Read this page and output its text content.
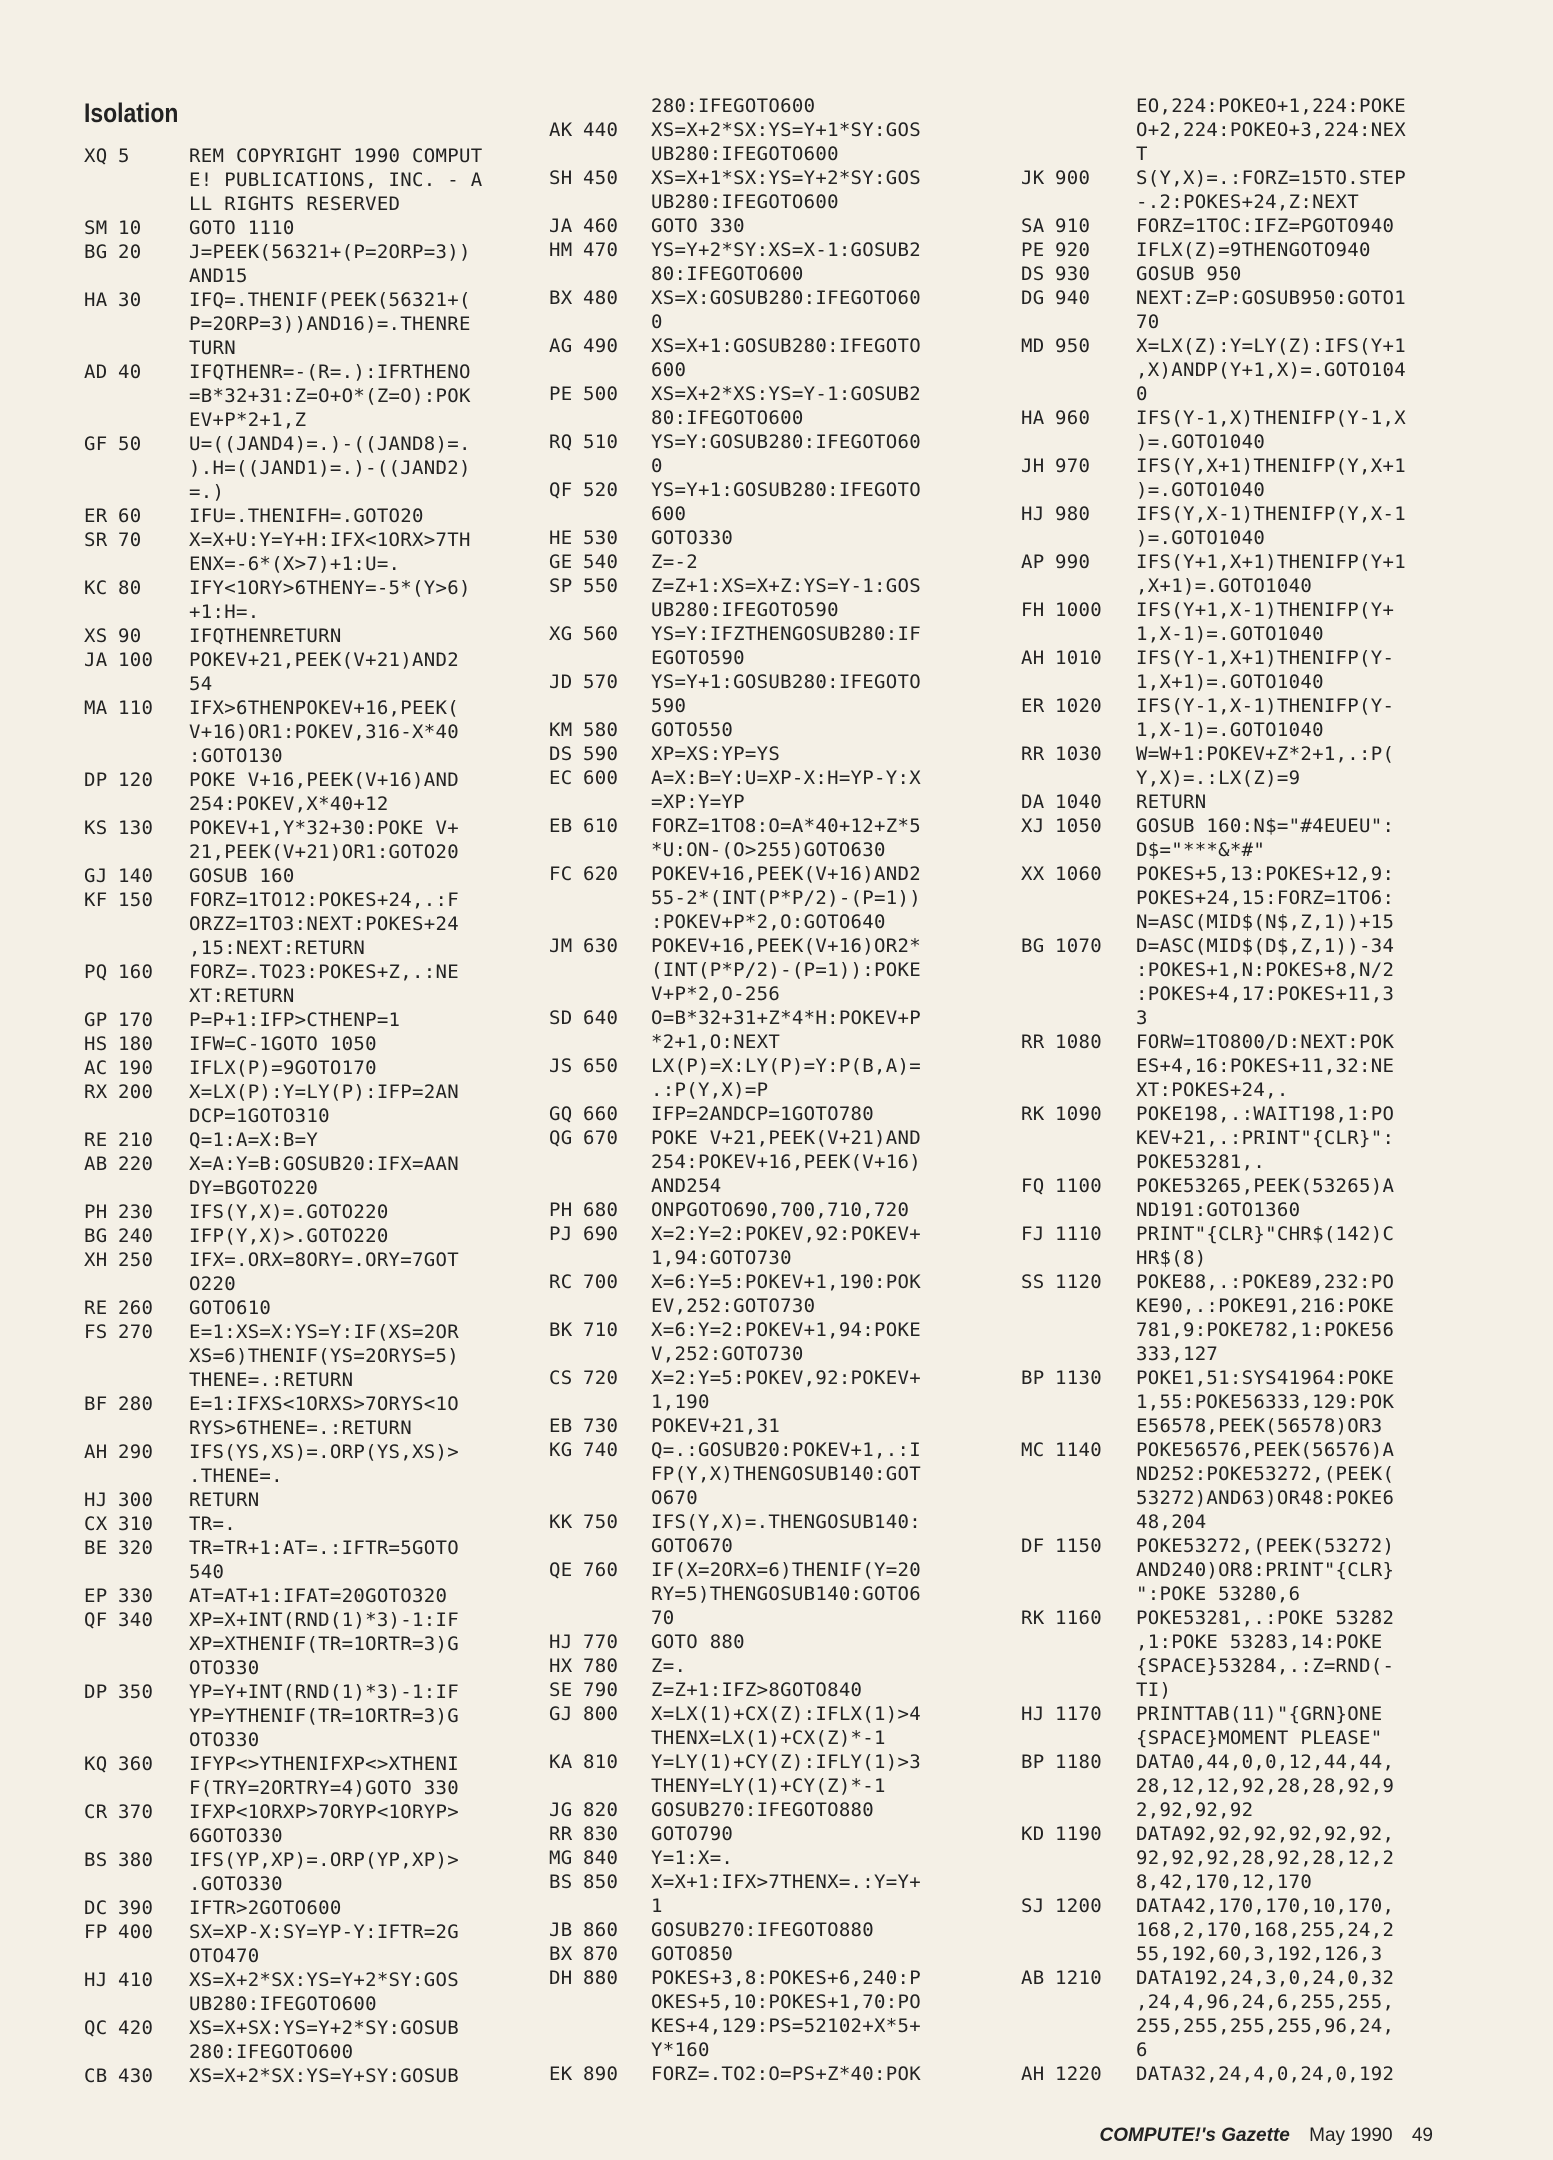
Isolation
XQ 5	REM COPYRIGHT 1990 COMPUT
E! PUBLICATIONS, INC. - A
LL RIGHTS RESERVED
SM 10	GOTO 1110
BG 20	J=PEEK(56321+(P=2ORP=3))
AND15
HA 30	IFQ=.THENIF(PEEK(56321+(
P=2ORP=3))AND16)=.THENRE
TURN
AD 40	IFQTHENR=-(R=.):IFRTHENO
=B*32+31:Z=O+O*(Z=O):POK
EV+P*2+1,Z
GF 50	U=((JAND4)=.)-((JAND8)=.
).H=((JAND1)=.)-((JAND2)
=.)
ER 60	IFU=.THENIFH=.GOTO20
SR 70	X=X+U:Y=Y+H:IFX<1ORX>7TH
ENX=-6*(X>7)+1:U=.
KC 80	IFY<1ORY>6THENY=-5*(Y>6)
+1:H=.
XS 90	IFQTHENRETURN
JA 100 POKEV+21,PEEK(V+21)AND2
54
MA 110 IFX>6THENPOKEV+16,PEEK(
V+16)OR1:POKEV,316-X*40
:GOTO130
DP 120 POKE V+16,PEEK(V+16)AND
254:POKEV,X*40+12
KS 130 POKEV+1,Y*32+30:POKE V+
21,PEEK(V+21)OR1:GOTO20
GJ 140 GOSUB 160
KF 150 FORZ=1TO12:POKES+24,.:F
ORZZ=1TO3:NEXT:POKES+24
,15:NEXT:RETURN
PQ 160 FORZ=.TO23:POKES+Z,.:NE
XT:RETURN
GP 170 P=P+1:IFP>CTHENP=1
HS 180 IFW=C-1GOTO 1050
AC 190 IFLX(P)=9GOTO170
RX 200 X=LX(P):Y=LY(P):IFP=2AN
DCP=1GOTO310
RE 210 Q=1:A=X:B=Y
AB 220 X=A:Y=B:GOSUB20:IFX=AAN
DY=BGOTO220
PH 230 IFS(Y,X)=.GOTO220
BG 240 IFP(Y,X)>.GOTO220
XH 250 IFX=.ORX=8ORY=.ORY=7GOT
O220
RE 260 GOTO610
FS 270 E=1:XS=X:YS=Y:IF(XS=2OR
XS=6)THENIF(YS=2ORYS=5)
THENE=.:RETURN
BF 280 E=1:IFXS<1ORXS>7ORYS<1O
RYS>6THENE=.:RETURN
AH 290 IFS(YS,XS)=.ORP(YS,XS)>
.THENE=.
HJ 300 RETURN
CX 310 TR=.
BE 320 TR=TR+1:AT=.:IFTR=5GOTO
540
EP 330 AT=AT+1:IFAT=20GOTO320
QF 340 XP=X+INT(RND(1)*3)-1:IF
XP=XTHENIF(TR=1ORTR=3)G
OTO330
DP 350 YP=Y+INT(RND(1)*3)-1:IF
YP=YTHENIF(TR=1ORTR=3)G
OTO330
KQ 360 IFYP<>YTHENIFXP<>XTHENI
F(TRY=2ORTRY=4)GOTO 330
CR 370 IFXP<1ORXP>7ORYP<1ORYP>
6GOTO330
BS 380 IFS(YP,XP)=.ORP(YP,XP)>
.GOTO330
DC 390 IFTR>2GOTO600
FP 400 SX=XP-X:SY=YP-Y:IFTR=2G
OTO470
HJ 410 XS=X+2*SX:YS=Y+2*SY:GOS
UB280:IFEGOTO600
QC 420 XS=X+SX:YS=Y+2*SY:GOSUB
280:IFEGOTO600
CB 430 XS=X+2*SX:YS=Y+SY:GOSUB
280:IFEGOTO600
AK 440 XS=X+2*SX:YS=Y+1*SY:GOS
UB280:IFEGOTO600
SH 450 XS=X+1*SX:YS=Y+2*SY:GOS
UB280:IFEGOTO600
JA 460 GOTO 330
HM 470 YS=Y+2*SY:XS=X-1:GOSUB2
80:IFEGOTO600
BX 480 XS=X:GOSUB280:IFEGOTO60
0
AG 490 XS=X+1:GOSUB280:IFEGOTO
600
PE 500 XS=X+2*XS:YS=Y-1:GOSUB2
80:IFEGOTO600
RQ 510 YS=Y:GOSUB280:IFEGOTO60
0
QF 520 YS=Y+1:GOSUB280:IFEGOTO
600
HE 530 GOTO330
GE 540 Z=-2
SP 550 Z=Z+1:XS=X+Z:YS=Y-1:GOS
UB280:IFEGOTO590
XG 560 YS=Y:IFZTHENGOSUB280:IF
EGOTO590
JD 570 YS=Y+1:GOSUB280:IFEGOTO
590
KM 580 GOTO550
DS 590 XP=XS:YP=YS
EC 600 A=X:B=Y:U=XP-X:H=YP-Y:X
=XP:Y=YP
EB 610 FORZ=1TO8:O=A*40+12+Z*5
*U:ON-(O>255)GOTO630
FC 620 POKEV+16,PEEK(V+16)AND2
55-2*(INT(P*P/2)-(P=1))
:POKEV+P*2,O:GOTO640
JM 630 POKEV+16,PEEK(V+16)OR2*
(INT(P*P/2)-(P=1)):POKE
V+P*2,O-256
SD 640 O=B*32+31+Z*4*H:POKEV+P
*2+1,O:NEXT
JS 650 LX(P)=X:LY(P)=Y:P(B,A)=
.:P(Y,X)=P
GQ 660 IFP=2ANDCP=1GOTO780
QG 670 POKE V+21,PEEK(V+21)AND
254:POKEV+16,PEEK(V+16)
AND254
PH 680 ONPGOTO690,700,710,720
PJ 690 X=2:Y=2:POKEV,92:POKEV+
1,94:GOTO730
RC 700 X=6:Y=5:POKEV+1,190:POK
EV,252:GOTO730
BK 710 X=6:Y=2:POKEV+1,94:POKE
V,252:GOTO730
CS 720 X=2:Y=5:POKEV,92:POKEV+
1,190
EB 730 POKEV+21,31
KG 740 Q=.:GOSUB20:POKEV+1,.:I
FP(Y,X)THENGOSUB140:GOT
O670
KK 750 IFS(Y,X)=.THENGOSUB140:
GOTO670
QE 760 IF(X=2ORX=6)THENIF(Y=20
RY=5)THENGOSUB140:GOTO6
70
HJ 770 GOTO 880
HX 780 Z=.
SE 790 Z=Z+1:IFZ>8GOTO840
GJ 800 X=LX(1)+CX(Z):IFLX(1)>4
THENX=LX(1)+CX(Z)*-1
KA 810 Y=LY(1)+CY(Z):IFLY(1)>3
THENY=LY(1)+CY(Z)*-1
JG 820 GOSUB270:IFEGOTO880
RR 830 GOTO790
MG 840 Y=1:X=.
BS 850 X=X+1:IFX>7THENX=.:Y=Y+
1
JB 860 GOSUB270:IFEGOTO880
BX 870 GOTO850
DH 880 POKES+3,8:POKES+6,240:P
OKES+5,10:POKES+1,70:PO
KES+4,129:PS=52102+X*5+
Y*160
EK 890 FORZ=.TO2:O=PS+Z*40:POK
EO,224:POKEO+1,224:POKE
O+2,224:POKEO+3,224:NEX
T
JK 900 S(Y,X)=.:FORZ=15TO.STEP
-.2:POKES+24,Z:NEXT
SA 910 FORZ=1TOC:IFZ=PGOTO940
PE 920 IFLX(Z)=9THENGOTO940
DS 930 GOSUB 950
DG 940 NEXT:Z=P:GOSUB950:GOTO1
70
MD 950 X=LX(Z):Y=LY(Z):IFS(Y+1
,X)ANDP(Y+1,X)=.GOTO104
0
HA 960 IFS(Y-1,X)THENIFP(Y-1,X
)=.GOTO1040
JH 970 IFS(Y,X+1)THENIFP(Y,X+1
)=.GOTO1040
HJ 980 IFS(Y,X-1)THENIFP(Y,X-1
)=.GOTO1040
AP 990 IFS(Y+1,X+1)THENIFP(Y+1
,X+1)=.GOTO1040
FH 1000 IFS(Y+1,X-1)THENIFP(Y+
1,X-1)=.GOTO1040
AH 1010 IFS(Y-1,X+1)THENIFP(Y-
1,X+1)=.GOTO1040
ER 1020 IFS(Y-1,X-1)THENIFP(Y-
1,X-1)=.GOTO1040
RR 1030 W=W+1:POKEV+Z*2+1,.:P(
Y,X)=.:LX(Z)=9
DA 1040 RETURN
XJ 1050 GOSUB 160:N$="#4EUEU":
D$="***&*#"
XX 1060 POKES+5,13:POKES+12,9:
POKES+24,15:FORZ=1TO6:
N=ASC(MID$(N$,Z,1))+15
BG 1070 D=ASC(MID$(D$,Z,1))-34
:POKES+1,N:POKES+8,N/2
:POKES+4,17:POKES+11,3
3
RR 1080 FORW=1TO800/D:NEXT:POK
ES+4,16:POKES+11,32:NE
XT:POKES+24,.
RK 1090 POKE198,.:WAIT198,1:PO
KEV+21,.:PRINT"{CLR}":
POKE53281,.
FQ 1100 POKE53265,PEEK(53265)A
ND191:GOTO1360
FJ 1110 PRINT"{CLR}"CHR$(142)C
HR$(8)
SS 1120 POKE88,.:POKE89,232:PO
KE90,.:POKE91,216:POKE
781,9:POKE782,1:POKE56
333,127
BP 1130 POKE1,51:SYS41964:POKE
1,55:POKE56333,129:POK
E56578,PEEK(56578)OR3
MC 1140 POKE56576,PEEK(56576)A
ND252:POKE53272,(PEEK(
53272)AND63)OR48:POKE6
48,204
DF 1150 POKE53272,(PEEK(53272)
AND240)OR8:PRINT"{CLR}
":POKE 53280,6
RK 1160 POKE53281,.:POKE 53282
,1:POKE 53283,14:POKE
{SPACE}53284,.:Z=RND(-
TI)
HJ 1170 PRINTTAB(11)"{GRN}ONE
{SPACE}MOMENT PLEASE"
BP 1180 DATA0,44,0,0,12,44,44,
28,12,12,92,28,28,92,9
2,92,92,92
KD 1190 DATA92,92,92,92,92,92,
92,92,92,28,92,28,12,2
8,42,170,12,170
SJ 1200 DATA42,170,170,10,170,
168,2,170,168,255,24,2
55,192,60,3,192,126,3
AB 1210 DATA192,24,3,0,24,0,32
,24,4,96,24,6,255,255,
255,255,255,255,96,24,
6
AH 1220 DATA32,24,4,0,24,0,192
COMPUTE!'s Gazette May 1990 49
